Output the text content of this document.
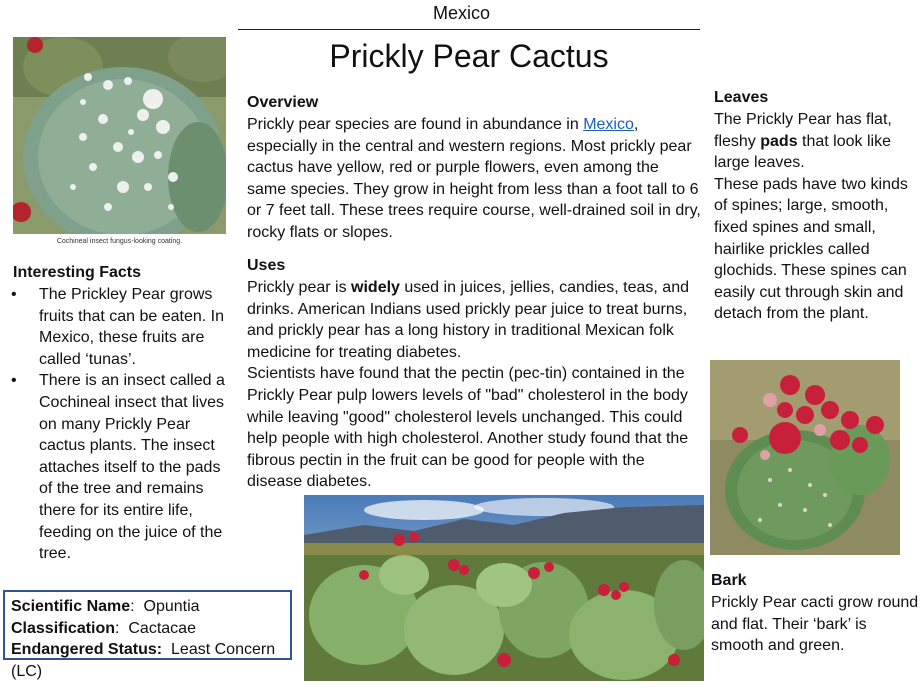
Mexico
Prickly Pear Cactus
Cochineal insect fungus-looking coating.
Interesting Facts
• The Prickley Pear grows fruits that can be eaten. In Mexico, these fruits are called ‘tunas’.
• There is an insect called a Cochineal insect that lives on many Prickly Pear cactus plants. The insect attaches itself to the pads of the tree and remains there for its entire life, feeding on the juice of the tree.
Scientific Name:  Opuntia
Classification:  Cactacae
Endangered Status: Least Concern (LC)
Overview
Prickly pear species are found in abundance in Mexico, especially in the central and western regions. Most prickly pear cactus have yellow, red or purple flowers, even among the same species. They grow in height from less than a foot tall to 6 or 7 feet tall. These trees require course, well-drained soil in dry, rocky flats or slopes.
Uses
Prickly pear is widely used in juices, jellies, candies, teas, and drinks. American Indians used prickly pear juice to treat burns, and prickly pear has a long history in traditional Mexican folk medicine for treating diabetes.
Scientists have found that the pectin (pec-tin) contained in the Prickly Pear pulp lowers levels of "bad" cholesterol in the body while leaving "good" cholesterol levels unchanged. This could help people with high cholesterol. Another study found that the fibrous pectin in the fruit can be good for people with the disease diabetes.
Leaves
The Prickly Pear has flat, fleshy pads that look like large leaves.
These pads have two kinds of spines; large, smooth, fixed spines and small, hairlike prickles called glochids. These spines can easily cut through skin and detach from the plant.
Bark
Prickly Pear cacti grow round and flat. Their ‘bark’ is smooth and green.
